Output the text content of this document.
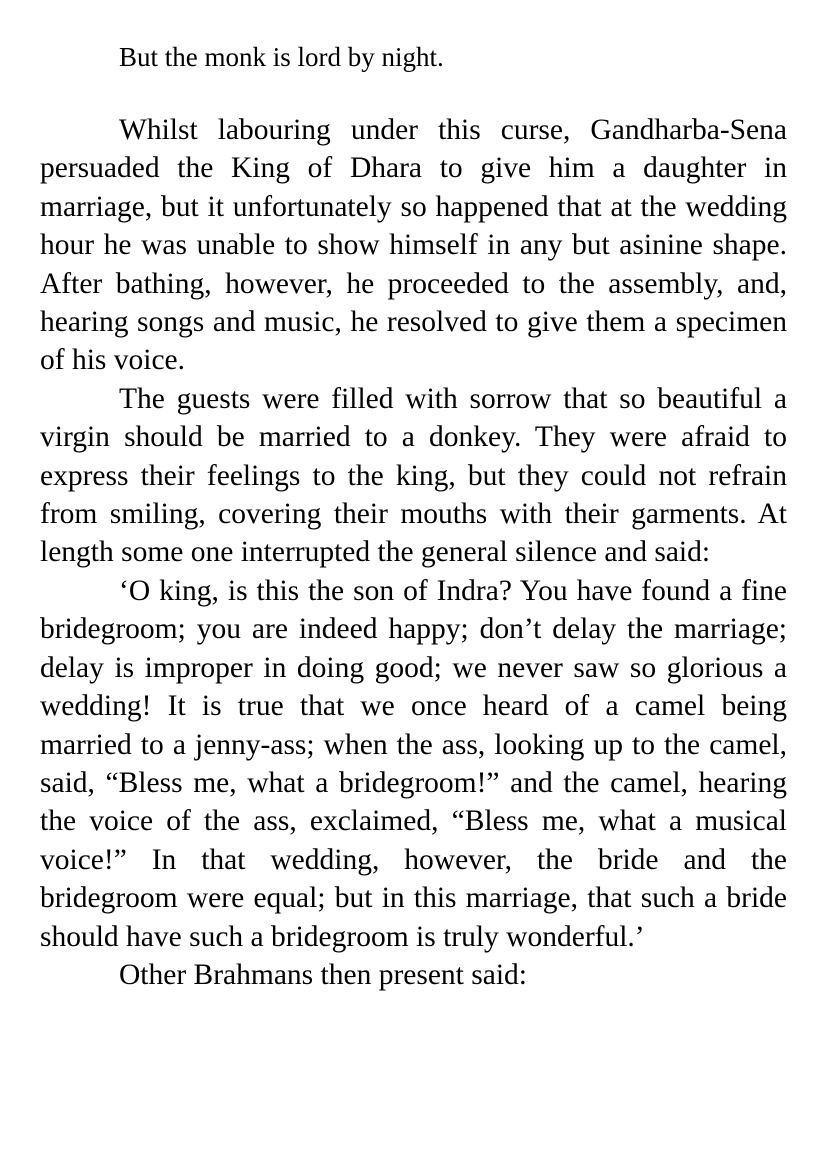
But the monk is lord by night.

Whilst labouring under this curse, Gandharba-Sena persuaded the King of Dhara to give him a daughter in marriage, but it unfortunately so happened that at the wedding hour he was unable to show himself in any but asinine shape. After bathing, however, he proceeded to the assembly, and, hearing songs and music, he resolved to give them a specimen of his voice.

The guests were filled with sorrow that so beautiful a virgin should be married to a donkey. They were afraid to express their feelings to the king, but they could not refrain from smiling, covering their mouths with their garments. At length some one interrupted the general silence and said:

‘O king, is this the son of Indra? You have found a fine bridegroom; you are indeed happy; don’t delay the marriage; delay is improper in doing good; we never saw so glorious a wedding! It is true that we once heard of a camel being married to a jenny-ass; when the ass, looking up to the camel, said, “Bless me, what a bridegroom!” and the camel, hearing the voice of the ass, exclaimed, “Bless me, what a musical voice!” In that wedding, however, the bride and the bridegroom were equal; but in this marriage, that such a bride should have such a bridegroom is truly wonderful.’

Other Brahmans then present said:
